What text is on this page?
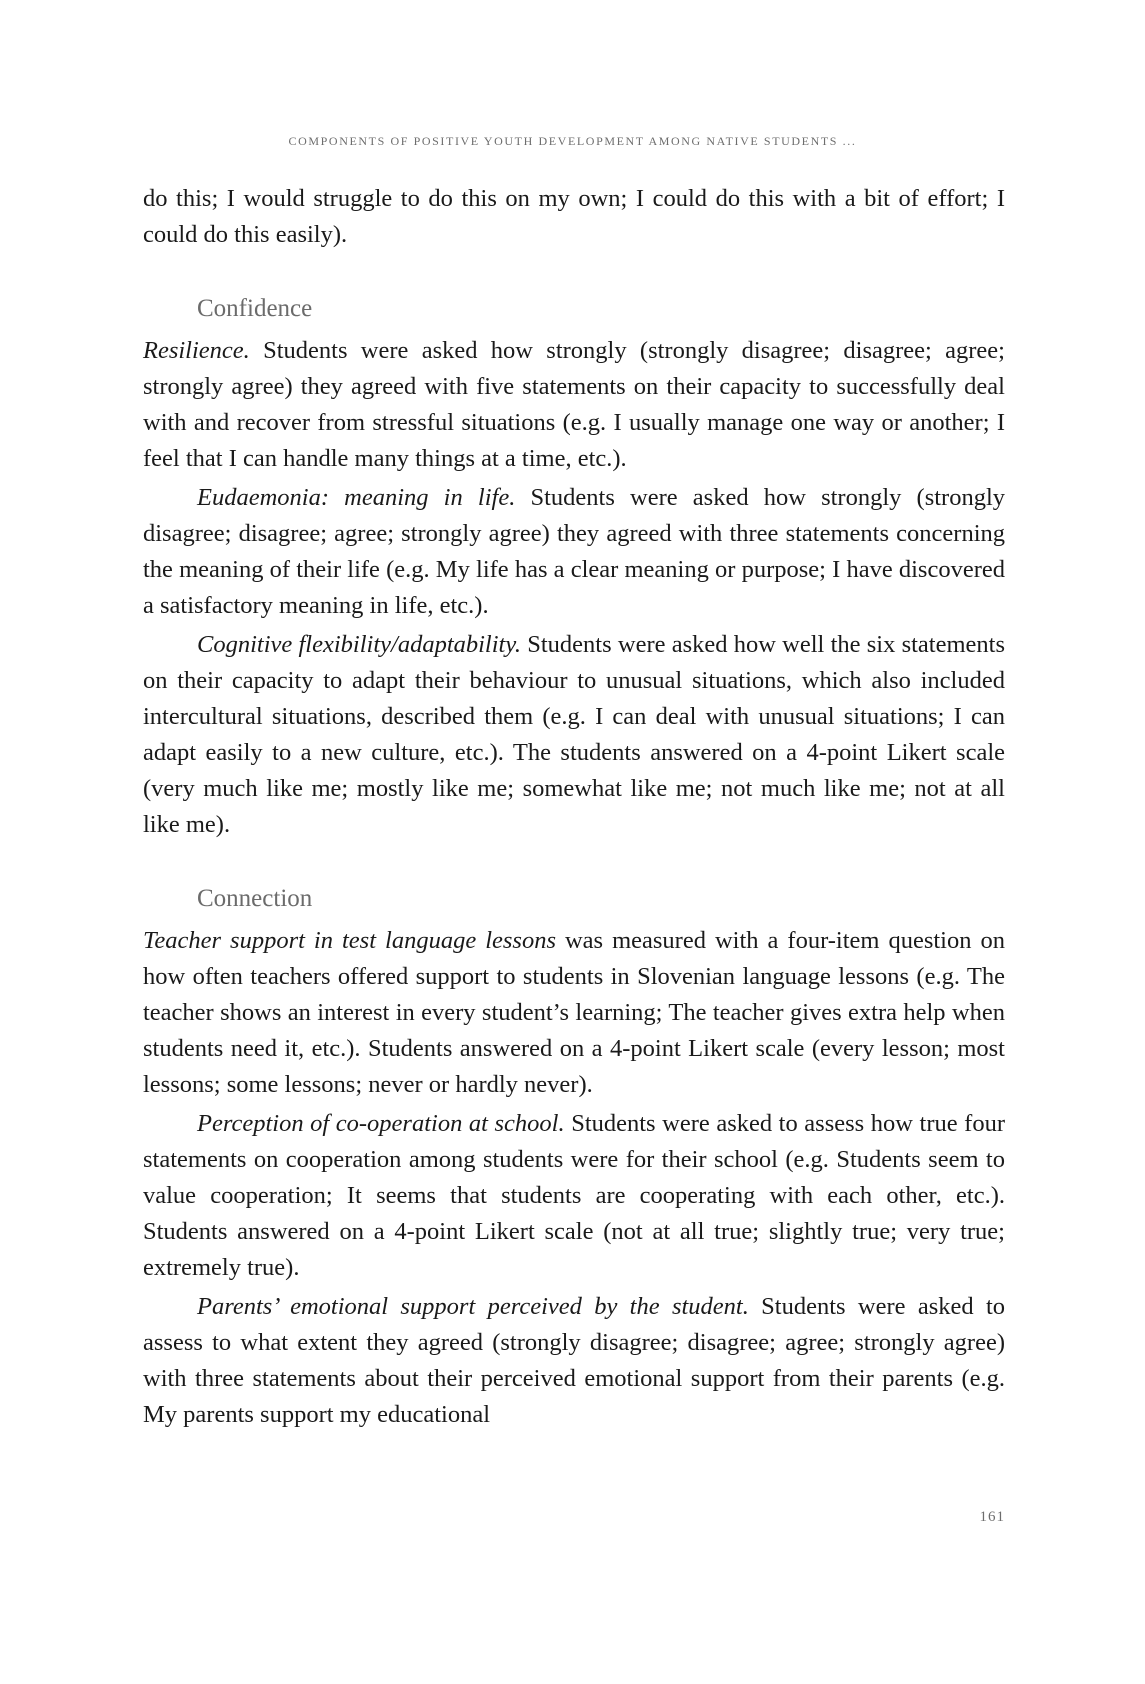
COMPONENTS OF POSITIVE YOUTH DEVELOPMENT AMONG NATIVE STUDENTS ...

do this; I would struggle to do this on my own; I could do this with a bit of effort; I could do this easily).

Confidence

Resilience. Students were asked how strongly (strongly disagree; disagree; agree; strongly agree) they agreed with five statements on their capacity to successfully deal with and recover from stressful situations (e.g. I usually manage one way or another; I feel that I can handle many things at a time, etc.).

Eudaemonia: meaning in life. Students were asked how strongly (strongly disagree; disagree; agree; strongly agree) they agreed with three statements concerning the meaning of their life (e.g. My life has a clear meaning or purpose; I have discovered a satisfactory meaning in life, etc.).

Cognitive flexibility/adaptability. Students were asked how well the six statements on their capacity to adapt their behaviour to unusual situations, which also included intercultural situations, described them (e.g. I can deal with unusual situations; I can adapt easily to a new culture, etc.). The students answered on a 4-point Likert scale (very much like me; mostly like me; somewhat like me; not much like me; not at all like me).

Connection

Teacher support in test language lessons was measured with a four-item question on how often teachers offered support to students in Slovenian language lessons (e.g. The teacher shows an interest in every student’s learning; The teacher gives extra help when students need it, etc.). Students answered on a 4-point Likert scale (every lesson; most lessons; some lessons; never or hardly never).

Perception of co-operation at school. Students were asked to assess how true four statements on cooperation among students were for their school (e.g. Students seem to value cooperation; It seems that students are cooperating with each other, etc.). Students answered on a 4-point Likert scale (not at all true; slightly true; very true; extremely true).

Parents’ emotional support perceived by the student. Students were asked to assess to what extent they agreed (strongly disagree; disagree; agree; strongly agree) with three statements about their perceived emotional support from their parents (e.g. My parents support my educational

161
